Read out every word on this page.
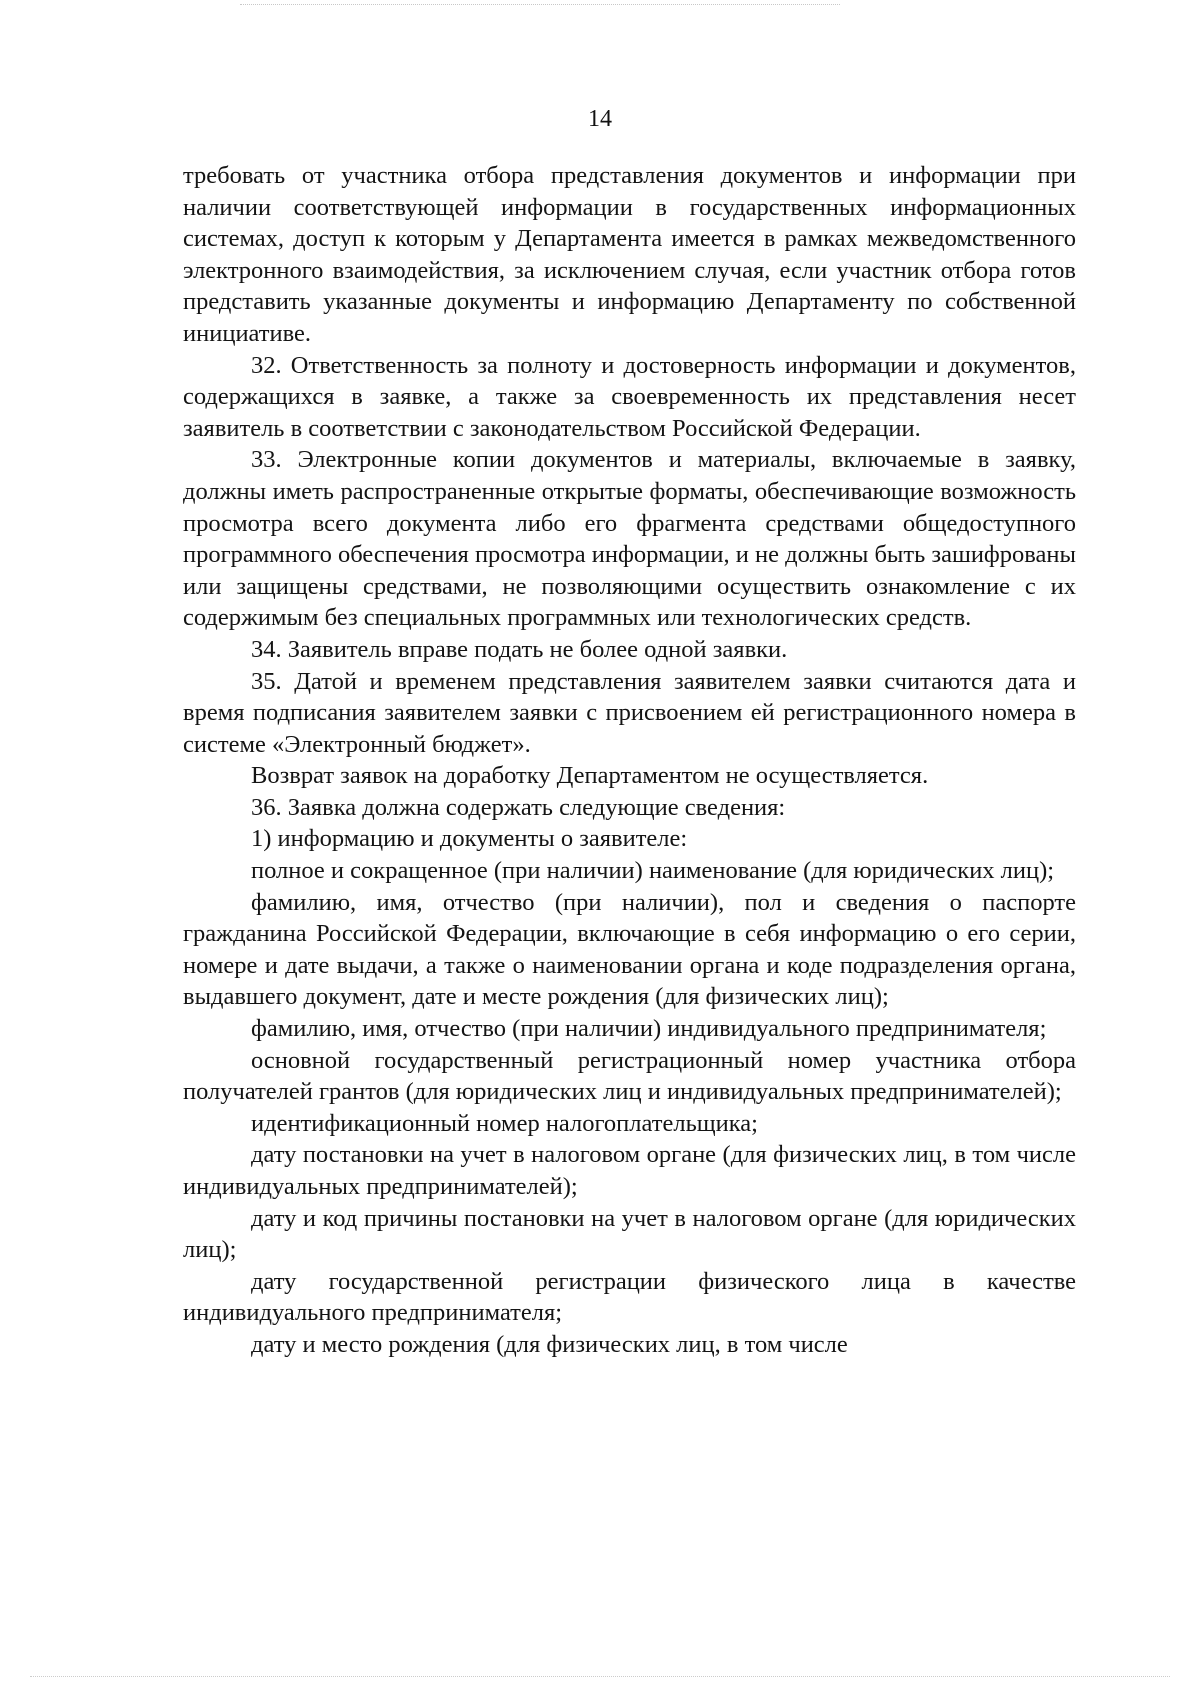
14

требовать от участника отбора представления документов и информации при наличии соответствующей информации в государственных информационных системах, доступ к которым у Департамента имеется в рамках межведомственного электронного взаимодействия, за исключением случая, если участник отбора готов представить указанные документы и информацию Департаменту по собственной инициативе.

32. Ответственность за полноту и достоверность информации и документов, содержащихся в заявке, а также за своевременность их представления несет заявитель в соответствии с законодательством Российской Федерации.

33. Электронные копии документов и материалы, включаемые в заявку, должны иметь распространенные открытые форматы, обеспечивающие возможность просмотра всего документа либо его фрагмента средствами общедоступного программного обеспечения просмотра информации, и не должны быть зашифрованы или защищены средствами, не позволяющими осуществить ознакомление с их содержимым без специальных программных или технологических средств.

34. Заявитель вправе подать не более одной заявки.

35. Датой и временем представления заявителем заявки считаются дата и время подписания заявителем заявки с присвоением ей регистрационного номера в системе «Электронный бюджет».

Возврат заявок на доработку Департаментом не осуществляется.

36. Заявка должна содержать следующие сведения:

1) информацию и документы о заявителе:

полное и сокращенное (при наличии) наименование (для юридических лиц);

фамилию, имя, отчество (при наличии), пол и сведения о паспорте гражданина Российской Федерации, включающие в себя информацию о его серии, номере и дате выдачи, а также о наименовании органа и коде подразделения органа, выдавшего документ, дате и месте рождения (для физических лиц);

фамилию, имя, отчество (при наличии) индивидуального предпринимателя;

основной государственный регистрационный номер участника отбора получателей грантов (для юридических лиц и индивидуальных предпринимателей);

идентификационный номер налогоплательщика;

дату постановки на учет в налоговом органе (для физических лиц, в том числе индивидуальных предпринимателей);

дату и код причины постановки на учет в налоговом органе (для юридических лиц);

дату государственной регистрации физического лица в качестве индивидуального предпринимателя;

дату и место рождения (для физических лиц, в том числе
